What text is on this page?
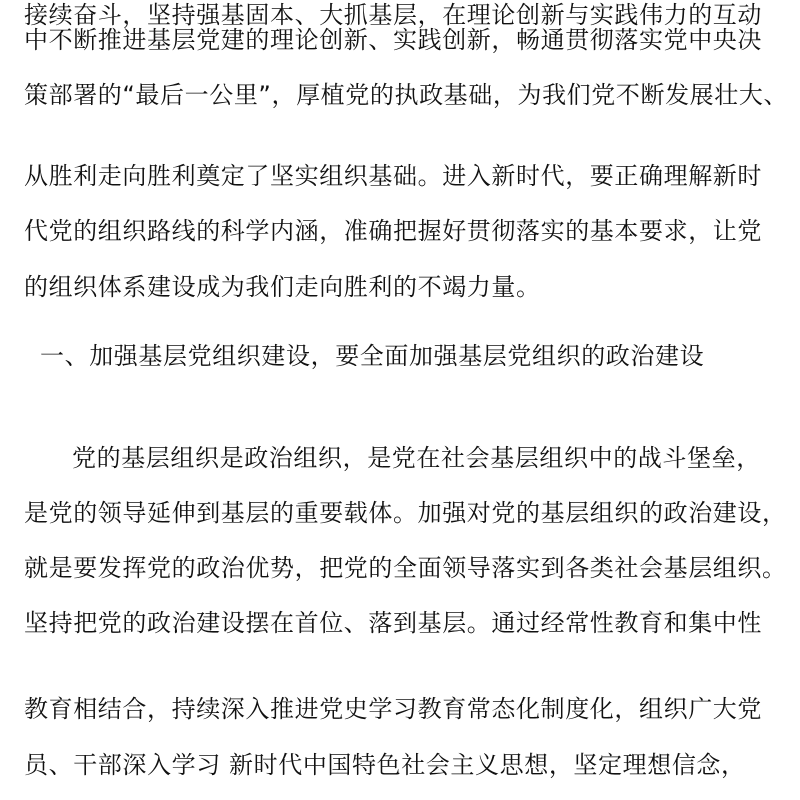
接续奋斗，坚持强基固本、大抓基层，在理论创新与实践伟力的互动
中不断推进基层党建的理论创新、实践创新，畅通贯彻落实党中央决
策部署的“最后一公里”，厚植党的执政基础，为我们党不断发展壮大、
从胜利走向胜利奠定了坚实组织基础。进入新时代，要正确理解新时
代党的组织路线的科学内涵，准确把握好贯彻落实的基本要求，让党
的组织体系建设成为我们走向胜利的不竭力量。
一、加强基层党组织建设，要全面加强基层党组织的政治建设
党的基层组织是政治组织，是党在社会基层组织中的战斗堡垒，
是党的领导延伸到基层的重要载体。加强对党的基层组织的政治建设，
就是要发挥党的政治优势，把党的全面领导落实到各类社会基层组织。
坚持把党的政治建设摆在首位、落到基层。通过经常性教育和集中性
教育相结合，持续深入推进党史学习教育常态化制度化，组织广大党
员、干部深入学习 新时代中国特色社会主义思想，坚定理想信念，
